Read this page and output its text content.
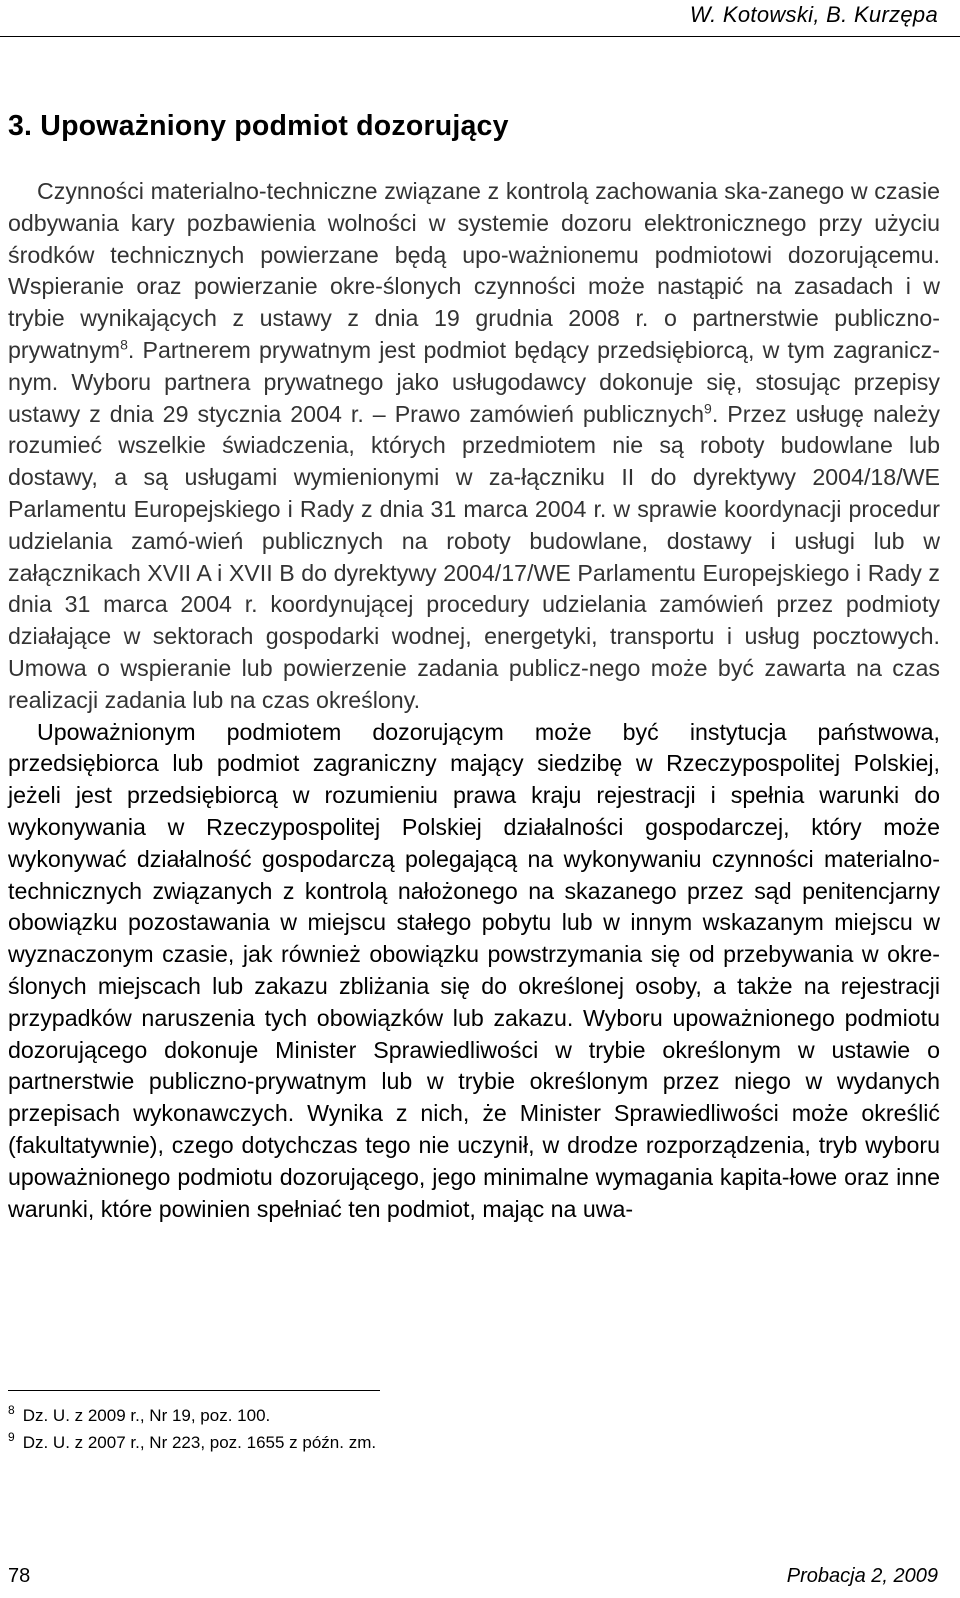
W. Kotowski, B. Kurzępa
3. Upoważniony podmiot dozorujący

Czynności materialno-techniczne związane z kontrolą zachowania ska-zanego w czasie odbywania kary pozbawienia wolności w systemie dozoru elektronicznego przy użyciu środków technicznych powierzane będą upo-ważnionemu podmiotowi dozorującemu. Wspieranie oraz powierzanie okre-ślonych czynności może nastąpić na zasadach i w trybie wynikających z ustawy z dnia 19 grudnia 2008 r. o partnerstwie publiczno-prywatnym$^8$. Partnerem prywatnym jest podmiot będący przedsiębiorcą, w tym zagranicz-nym. Wyboru partnera prywatnego jako usługodawcy dokonuje się, stosując przepisy ustawy z dnia 29 stycznia 2004 r. – Prawo zamówień publicznych$^9$. Przez usługę należy rozumieć wszelkie świadczenia, których przedmiotem nie są roboty budowlane lub dostawy, a są usługami wymienionymi w za-łączniku II do dyrektywy 2004/18/WE Parlamentu Europejskiego i Rady z dnia 31 marca 2004 r. w sprawie koordynacji procedur udzielania zamó-wień publicznych na roboty budowlane, dostawy i usługi lub w załącznikach XVII A i XVII B do dyrektywy 2004/17/WE Parlamentu Europejskiego i Rady z dnia 31 marca 2004 r. koordynującej procedury udzielania zamówień przez podmioty działające w sektorach gospodarki wodnej, energetyki, transportu i usług pocztowych. Umowa o wspieranie lub powierzenie zadania publicz-nego może być zawarta na czas realizacji zadania lub na czas określony.

Upoważnionym podmiotem dozorującym może być instytucja państwowa, przedsiębiorca lub podmiot zagraniczny mający siedzibę w Rzeczypospolitej Polskiej, jeżeli jest przedsiębiorcą w rozumieniu prawa kraju rejestracji i spełnia warunki do wykonywania w Rzeczypospolitej Polskiej działalności gospodarczej, który może wykonywać działalność gospodarczą polegającą na wykonywaniu czynności materialno-technicznych związanych z kontrolą nałożonego na skazanego przez sąd penitencjarny obowiązku pozostawania w miejscu stałego pobytu lub w innym wskazanym miejscu w wyznaczonym czasie, jak również obowiązku powstrzymania się od przebywania w okre-ślonych miejscach lub zakazu zbliżania się do określonej osoby, a także na rejestracji przypadków naruszenia tych obowiązków lub zakazu. Wyboru upoważnionego podmiotu dozorującego dokonuje Minister Sprawiedliwości w trybie określonym w ustawie o partnerstwie publiczno-prywatnym lub w trybie określonym przez niego w wydanych przepisach wykonawczych. Wynika z nich, że Minister Sprawiedliwości może określić (fakultatywnie), czego dotychczas tego nie uczynił, w drodze rozporządzenia, tryb wyboru upoważnionego podmiotu dozorującego, jego minimalne wymagania kapita-łowe oraz inne warunki, które powinien spełniać ten podmiot, mając na uwa-

$^8$ Dz. U. z 2009 r., Nr 19, poz. 100.
$^9$ Dz. U. z 2007 r., Nr 223, poz. 1655 z późn. zm.
78	Probacja 2, 2009
